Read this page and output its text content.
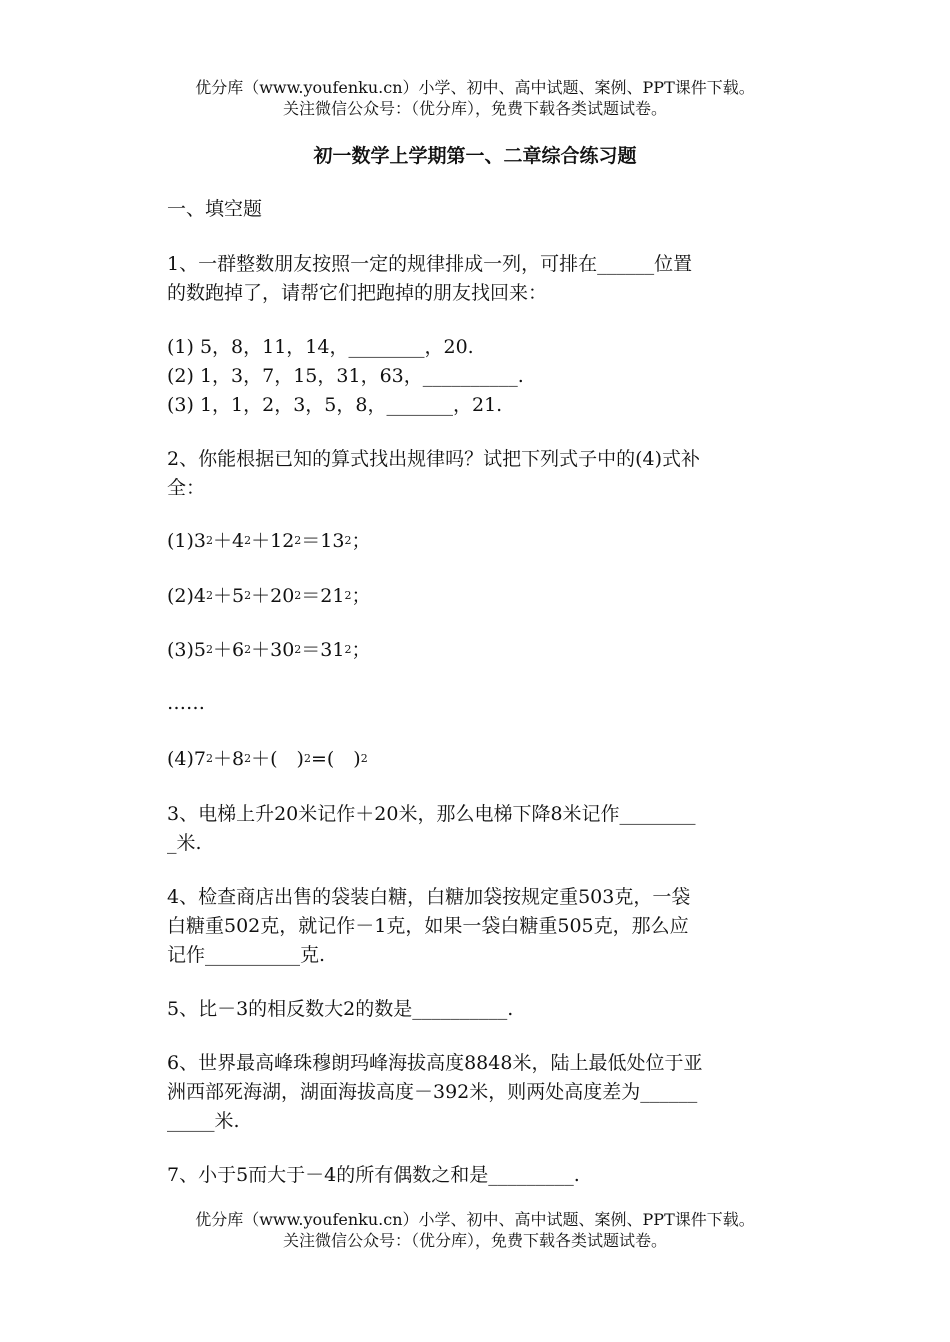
优分库（www.youfenku.cn）小学、初中、高中试题、案例、PPT课件下载。
关注微信公众号：（优分库），免费下载各类试题试卷。
初一数学上学期第一、二章综合练习题
一、填空题
1、一群整数朋友按照一定的规律排成一列，可排在______位置
的数跑掉了，请帮它们把跑掉的朋友找回来：
(1) 5，8，11，14，________，20.
(2) 1，3，7，15，31，63，__________.
(3) 1，1，2，3，5，8，_______，21.
2、你能根据已知的算式找出规律吗？试把下列式子中的(4)式补
全：
$(1)3^2+4^2+12^2=13^2$；
$(2)4^2+5^2+20^2=21^2$；
$(3)5^2+6^2+30^2=31^2$；
……
$(4)7^2+8^2+$(　)$^2$=(　)$^2$
3、电梯上升20米记作＋20米，那么电梯下降8米记作________
_米.
4、检查商店出售的袋装白糖，白糖加袋按规定重503克，一袋
白糖重502克，就记作－1克，如果一袋白糖重505克，那么应
记作__________克.
5、比－3的相反数大2的数是__________.
6、世界最高峰珠穆朗玛峰海拔高度8848米，陆上最低处位于亚
洲西部死海湖，湖面海拔高度－392米，则两处高度差为______
_____米.
7、小于5而大于－4的所有偶数之和是_________.
优分库（www.youfenku.cn）小学、初中、高中试题、案例、PPT课件下载。
关注微信公众号：（优分库），免费下载各类试题试卷。
